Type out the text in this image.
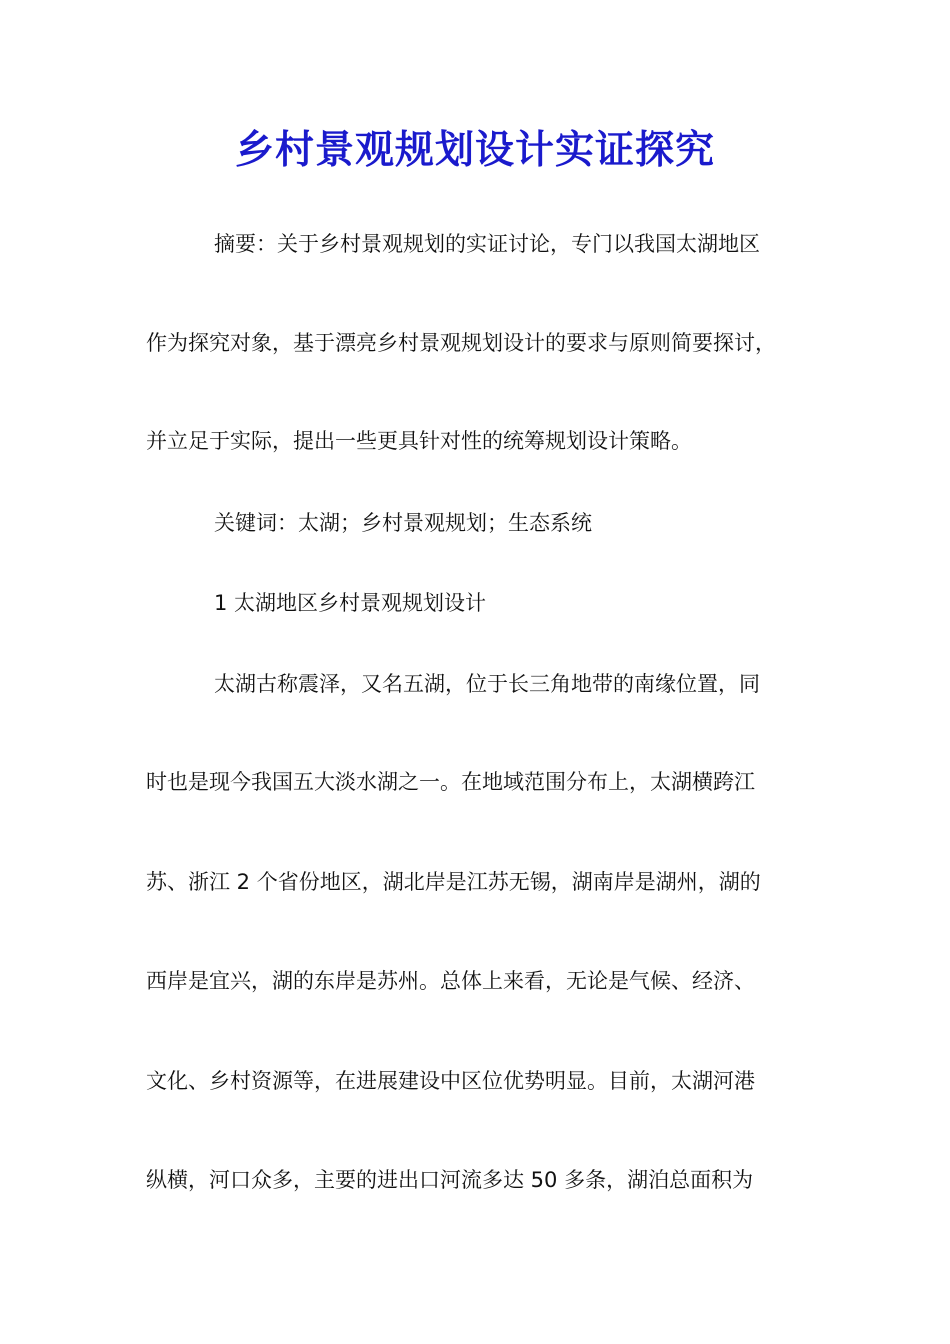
乡村景观规划设计实证探究
摘要：关于乡村景观规划的实证讨论，专门以我国太湖地区
作为探究对象，基于漂亮乡村景观规划设计的要求与原则简要探讨，
并立足于实际，提出一些更具针对性的统筹规划设计策略。
关键词：太湖；乡村景观规划；生态系统
1 太湖地区乡村景观规划设计
太湖古称震泽，又名五湖，位于长三角地带的南缘位置，同
时也是现今我国五大淡水湖之一。在地域范围分布上，太湖横跨江
苏、浙江 2 个省份地区，湖北岸是江苏无锡，湖南岸是湖州，湖的
西岸是宜兴，湖的东岸是苏州。总体上来看，无论是气候、经济、
文化、乡村资源等，在进展建设中区位优势明显。目前，太湖河港
纵横，河口众多，主要的进出口河流多达 50 多条，湖泊总面积为
